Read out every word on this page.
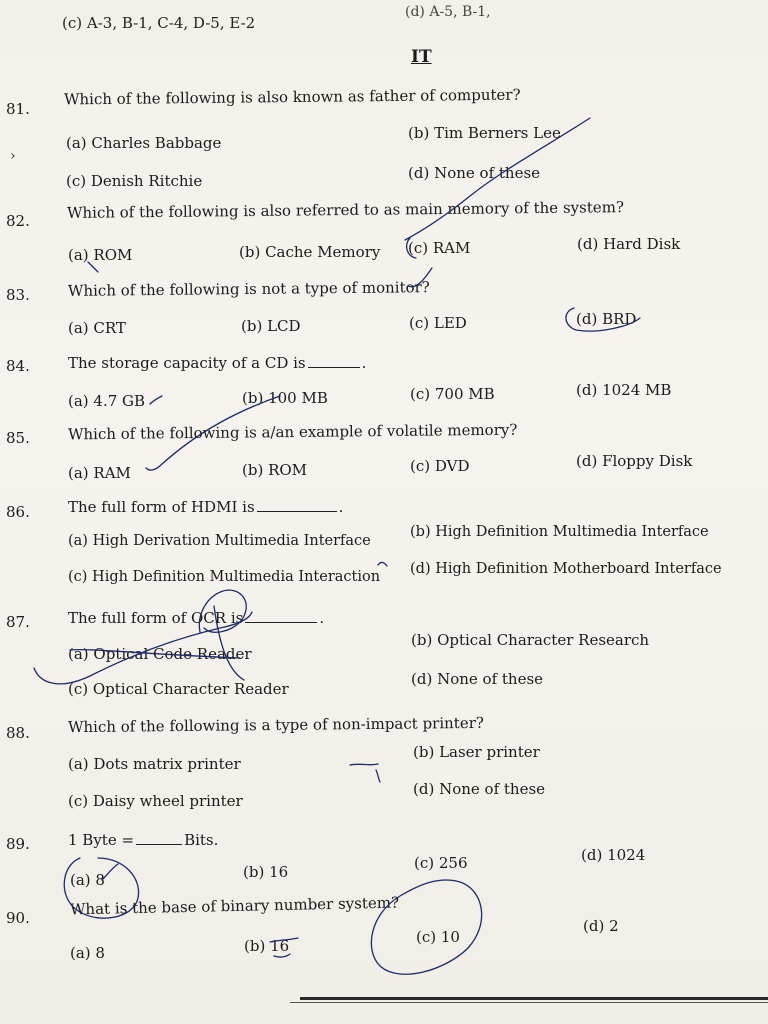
(c) A-3, B-1, C-4, D-5, E-2
(d) A-5, B-1,
IT
›
81.
Which of the following is also known as father of computer?
(a) Charles Babbage
(b) Tim Berners Lee
(c) Denish Ritchie	(d) None of these
82. Which of the following is also referred to as main memory of the system?
(a) ROM	(b) Cache Memory (c) RAM	(d) Hard Disk
83.	Which of the following is not a type of monitor?
(a) CRT	(b) LCD	(c) LED	(d) BRD
84.	The storage capacity of a CD is	.
(a) 4.7 GB	(b) 100 MB	(c) 700 MB	(d) 1024 MB
85.	Which of the following is a/an example of volatile memory?
(a) RAM	(b) ROM	(c) DVD	(d) Floppy Disk
86.	The full form of HDMI is	.
(a) High Derivation Multimedia Interface
(b) High Definition Multimedia Interface
(c) High Definition Multimedia Interaction (d) High Definition Motherboard Interface
87.	The full form of OCR is	.
(a) Optical Code Reader
(b) Optical Character Research
(c) Optical Character Reader
(d) None of these
88.	Which of the following is a type of non-impact printer?
(a) Dots matrix printer
(b) Laser printer
(c) Daisy wheel printer
(d) None of these
89.	1 Byte =	Bits.
(a) 8	(b) 16	(c) 256	(d) 1024
90.	What is the base of binary number system?
(a) 8	(b) 16	(c) 10
(d) 2
